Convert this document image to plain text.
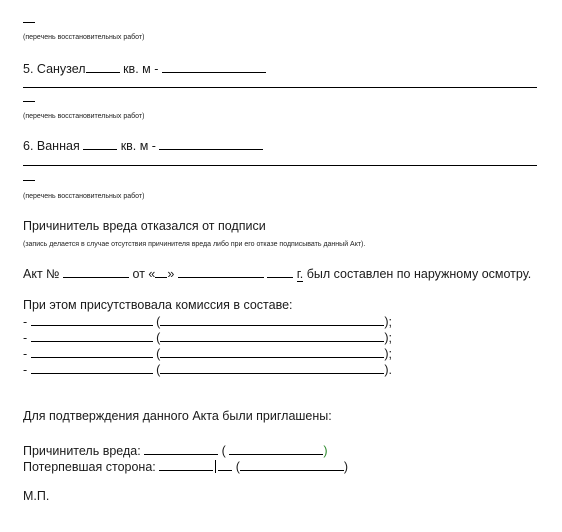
(перечень восстановительных работ)
5. Санузел	кв. м -
(перечень восстановительных работ)
6. Ванная	кв. м -
(перечень восстановительных работ)
Причинитель вреда отказался от подписи
(запись делается в случае отсутствия причинителя вреда либо при его отказе подписывать данный Акт).
Акт №	от « »	г. был составлен по наружному осмотру.
При этом присутствовала комиссия в составе:
-	(	);
-	(	);
-	(	);
-	(	).
Для подтверждения данного Акта были приглашены:
Причинитель вреда:	(	)
Потерпевшая сторона:	(	)
М.П.
